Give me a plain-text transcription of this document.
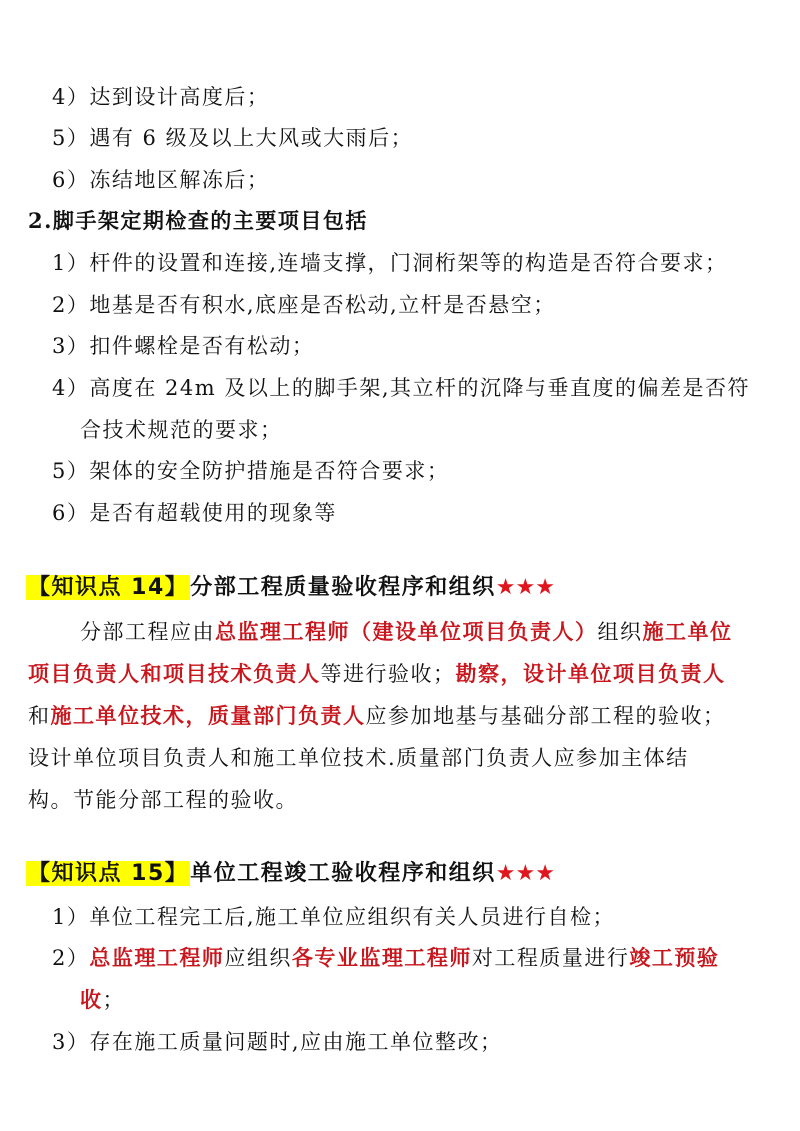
4）达到设计高度后；
5）遇有 6 级及以上大风或大雨后；
6）冻结地区解冻后；
2.脚手架定期检查的主要项目包括
1）杆件的设置和连接,连墙支撑，门洞桁架等的构造是否符合要求；
2）地基是否有积水,底座是否松动,立杆是否悬空；
3）扣件螺栓是否有松动；
4）高度在 24m 及以上的脚手架,其立杆的沉降与垂直度的偏差是否符
合技术规范的要求；
5）架体的安全防护措施是否符合要求；
6）是否有超载使用的现象等
【知识点 14】分部工程质量验收程序和组织★★★
分部工程应由总监理工程师（建设单位项目负责人）组织施工单位
项目负责人和项目技术负责人等进行验收；勘察，设计单位项目负责人
和施工单位技术，质量部门负责人应参加地基与基础分部工程的验收；
设计单位项目负责人和施工单位技术.质量部门负责人应参加主体结
构。节能分部工程的验收。
【知识点 15】单位工程竣工验收程序和组织★★★
1）单位工程完工后,施工单位应组织有关人员进行自检；
2）总监理工程师应组织各专业监理工程师对工程质量进行竣工预验
收；
3）存在施工质量问题时,应由施工单位整改；
